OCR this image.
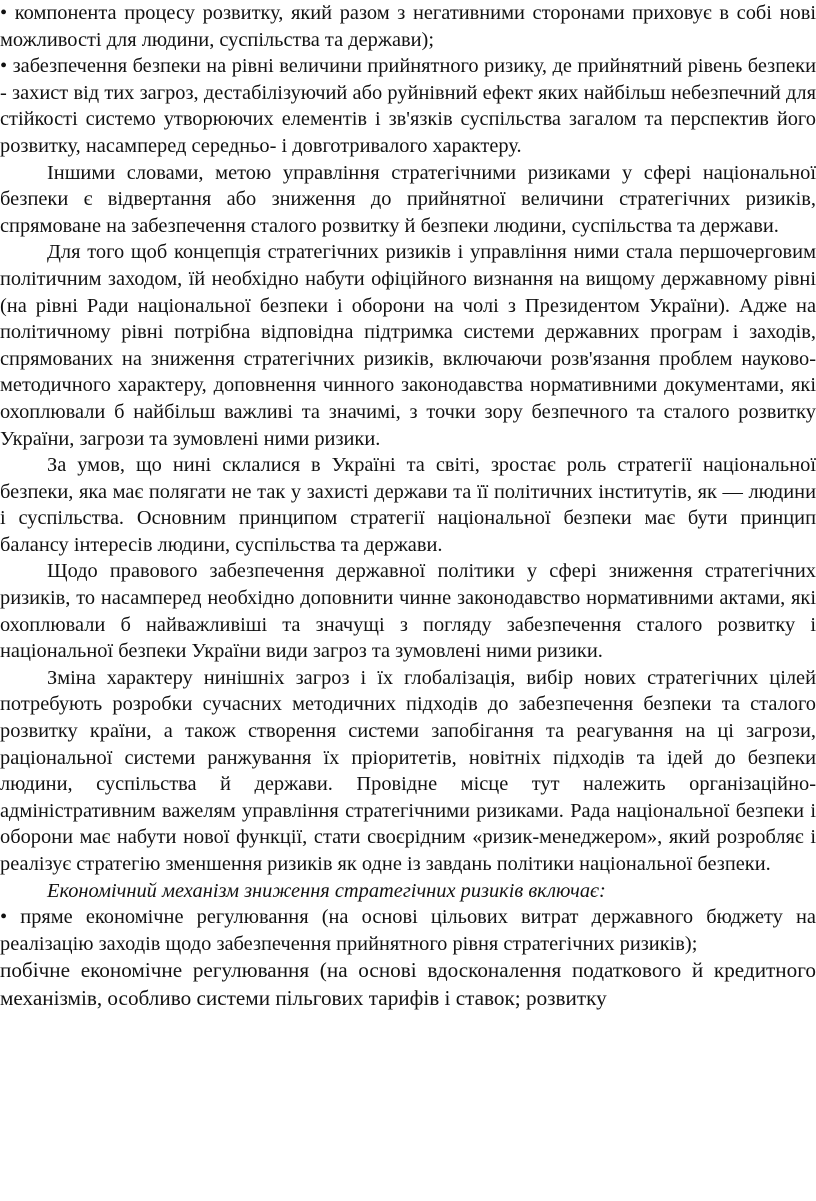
• компонента процесу розвитку, який разом з негативними сторонами приховує в собі нові можливості для людини, суспільства та держави);

• забезпечення безпеки на рівні величини прийнятного ризику, де прийнятний рівень безпеки - захист від тих загроз, дестабілізуючий або руйнівний ефект яких найбільш небезпечний для стійкості системо утворюючих елементів і зв'язків суспільства загалом та перспектив його розвитку, насамперед середньо- і довготривалого характеру.

Іншими словами, метою управління стратегічними ризиками у сфері національної безпеки є відвертання або зниження до прийнятної величини стратегічних ризиків, спрямоване на забезпечення сталого розвитку й безпеки людини, суспільства та держави.

Для того щоб концепція стратегічних ризиків і управління ними стала першочерговим політичним заходом, їй необхідно набути офіційного визнання на вищому державному рівні (на рівні Ради національної безпеки і оборони на чолі з Президентом України). Адже на політичному рівні потрібна відповідна підтримка системи державних програм і заходів, спрямованих на зниження стратегічних ризиків, включаючи розв'язання проблем науково-методичного характеру, доповнення чинного законодавства нормативними документами, які охоплювали б найбільш важливі та значимі, з точки зору безпечного та сталого розвитку України, загрози та зумовлені ними ризики.

За умов, що нині склалися в Україні та світі, зростає роль стратегії національної безпеки, яка має полягати не так у захисті держави та її політичних інститутів, як — людини і суспільства. Основним принципом стратегії національної безпеки має бути принцип балансу інтересів людини, суспільства та держави.

Щодо правового забезпечення державної політики у сфері зниження стратегічних ризиків, то насамперед необхідно доповнити чинне законодавство нормативними актами, які охоплювали б найважливіші та значущі з погляду забезпечення сталого розвитку і національної безпеки України види загроз та зумовлені ними ризики.

Зміна характеру нинішніх загроз і їх глобалізація, вибір нових стратегічних цілей потребують розробки сучасних методичних підходів до забезпечення безпеки та сталого розвитку країни, а також створення системи запобігання та реагування на ці загрози, раціональної системи ранжування їх пріоритетів, новітніх підходів та ідей до безпеки людини, суспільства й держави. Провідне місце тут належить організаційно-адміністративним важелям управління стратегічними ризиками. Рада національної безпеки і оборони має набути нової функції, стати своєрідним «ризик-менеджером», який розробляє і реалізує стратегію зменшення ризиків як одне із завдань політики національної безпеки.

Економічний механізм зниження стратегічних ризиків включає:

• пряме економічне регулювання (на основі цільових витрат державного бюджету на реалізацію заходів щодо забезпечення прийнятного рівня стратегічних ризиків);

побічне економічне регулювання (на основі вдосконалення податкового й кредитного механізмів, особливо системи пільгових тарифів і ставок; розвитку
